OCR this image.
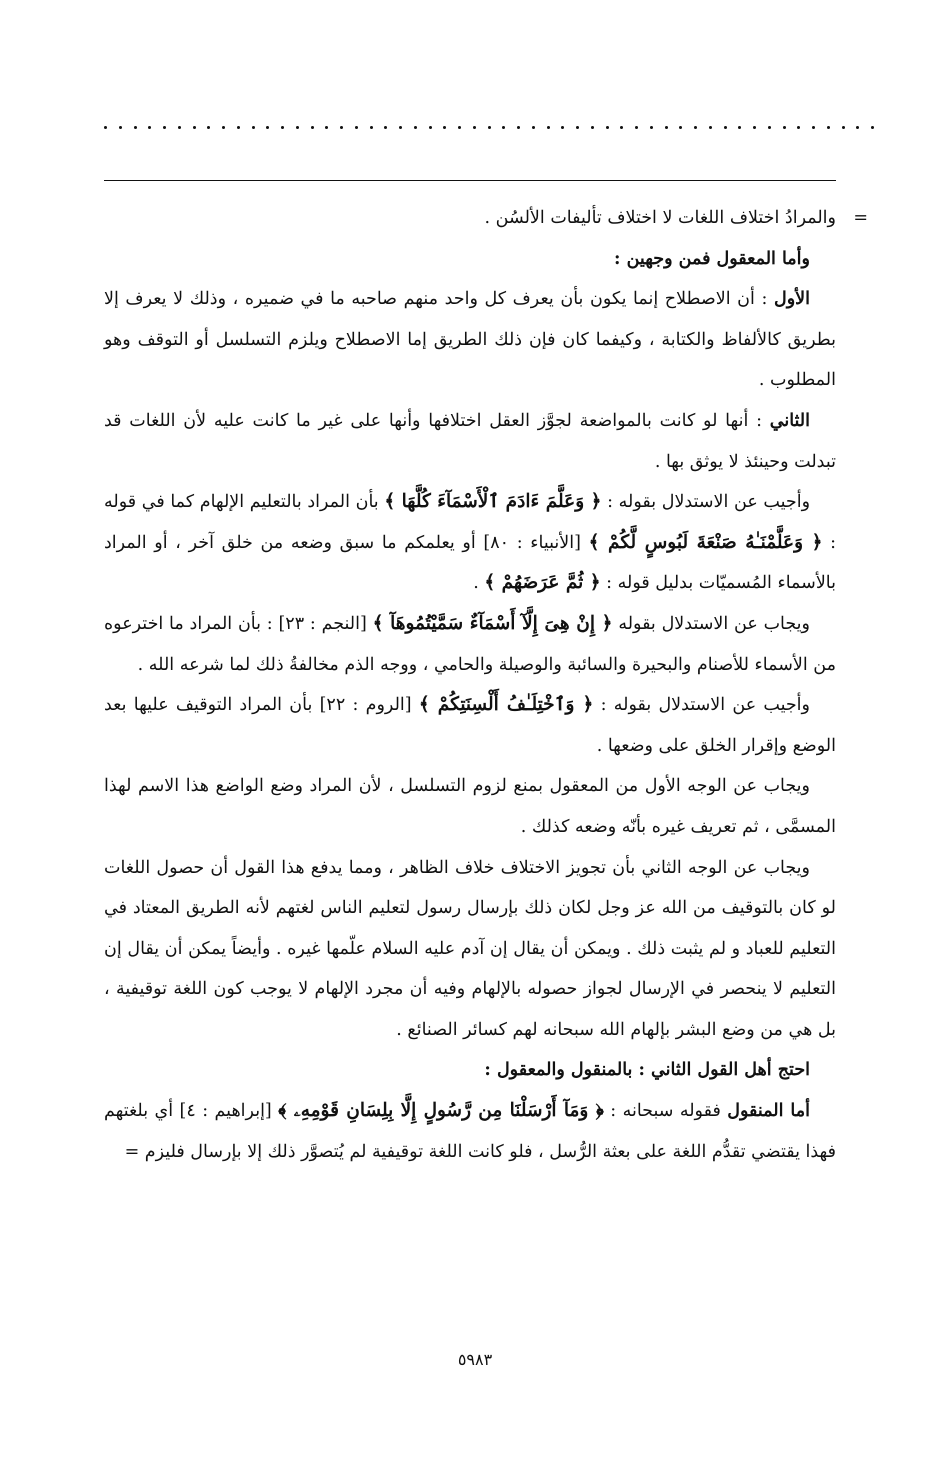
=
والمرادُ اختلاف اللغات لا اختلاف تأليفات الألسُن .

وأما المعقول فمن وجهين :

الأول : أن الاصطلاح إنما يكون بأن يعرف كل واحد منهم صاحبه ما في ضميره ، وذلك لا يعرف إلا بطريق كالألفاظ والكتابة ، وكيفما كان فإن ذلك الطريق إما الاصطلاح ويلزم التسلسل أو التوقف وهو المطلوب .

الثاني : أنها لو كانت بالمواضعة لجوَّز العقل اختلافها وأنها على غير ما كانت عليه لأن اللغات قد تبدلت وحينئذ لا يوثق بها .

وأجيب عن الاستدلال بقوله : ﴿ وَعَلَّمَ ءَادَمَ ٱلْأَسْمَآءَ كُلَّهَا ﴾ بأن المراد بالتعليم الإلهام كما في قوله : ﴿ وَعَلَّمْنَـٰهُ صَنْعَةَ لَبُوسٍ لَّكُمْ ﴾ [الأنبياء : ٨٠] أو يعلمكم ما سبق وضعه من خلق آخر ، أو المراد بالأسماء المُسميّات بدليل قوله : ﴿ ثُمَّ عَرَضَهُمْ ﴾ .

ويجاب عن الاستدلال بقوله ﴿ إِنْ هِىَ إِلَّآ أَسْمَآءٌ سَمَّيْتُمُوهَآ ﴾ [النجم : ٢٣] : بأن المراد ما اخترعوه من الأسماء للأصنام والبحيرة والسائبة والوصيلة والحامي ، ووجه الذم مخالفةُ ذلك لما شرعه الله .

وأجيب عن الاستدلال بقوله : ﴿ وَٱخْتِلَـٰفُ أَلْسِنَتِكُمْ ﴾ [الروم : ٢٢] بأن المراد التوقيف عليها بعد الوضع وإقرار الخلق على وضعها .

ويجاب عن الوجه الأول من المعقول بمنع لزوم التسلسل ، لأن المراد وضع الواضع هذا الاسم لهذا المسمَّى ، ثم تعريف غيره بأنّه وضعه كذلك .

ويجاب عن الوجه الثاني بأن تجويز الاختلاف خلاف الظاهر ، ومما يدفع هذا القول أن حصول اللغات لو كان بالتوقيف من الله عز وجل لكان ذلك بإرسال رسول لتعليم الناس لغتهم لأنه الطريق المعتاد في التعليم للعباد و لم يثبت ذلك . ويمكن أن يقال إن آدم عليه السلام علّمها غيره . وأيضاً يمكن أن يقال إن التعليم لا ينحصر في الإرسال لجواز حصوله بالإلهام وفيه أن مجرد الإلهام لا يوجب كون اللغة توقيفية ، بل هي من وضع البشر بإلهام الله سبحانه لهم كسائر الصنائع .

احتج أهل القول الثاني : بالمنقول والمعقول :

أما المنقول فقوله سبحانه : ﴿ وَمَآ أَرْسَلْنَا مِن رَّسُولٍ إِلَّا بِلِسَانِ قَوْمِهِۦ ﴾ [إبراهيم : ٤] أي بلغتهم فهذا يقتضي تقدُّم اللغة على بعثة الرُّسل ، فلو كانت اللغة توقيفية لم يُتصوَّر ذلك إلا بإرسال فليزم =

٥٩٨٣
